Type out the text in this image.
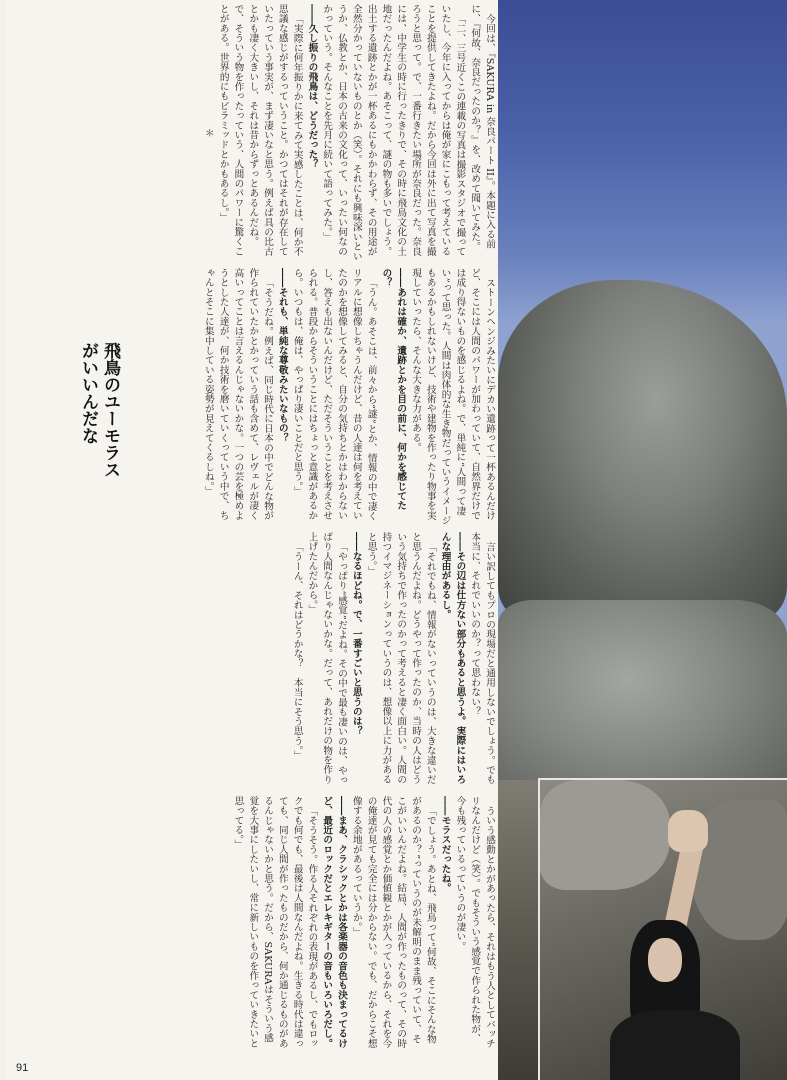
今回は、『SAKURA in 奈良パート II』。本題に入る前に、『何故、奈良だったのか？』を、改めて聞いてみた。

「二、三号近くこの連載の写真は撮影スタジオで撮っていたし、今年に入ってからは俺が家にこもって考えていることを提供してきたよね。だから今回は外に出て写真を撮ろうと思って。で、一番行きたい場所が奈良だった。奈良には、中学生の時に行ったきりで、その時に飛鳥文化の土地だったんだよね。あそこって、謎の物も多いでしょう。出土する遺跡とかが一杯あるにもかかわらず、その用途が全然分かっていないものとか（笑）。それにも興味深いというか、仏教とか、日本の古来の文化って、いったい何なのかっていう。そんなことを先月に続いて語ってみた。」

――久し振りの飛鳥は、どうだった？

「実際に何年振りかに来てみて実感したことは、何か不思議な感じがするっていうこと。かつてはそれが存在していたっていう事実が、まず凄いなと思う。例えば具の比古とかも凄く大きいし、それは昔からずっとあるんだね。で、そういう物を作ったっていう、人間のパワーに驚くことがある。世界的にもピラミッドとかもあるし。」

＊

ストーンヘンジみたいにデカい遺跡って一杯あるんだけど、そこには人間のパワーが加わっていて、自然界だけでは成り得ないものを感じるよね。で、単純に“人間って凄い”って思った。人間は肉体的な生き物だっていうイメージもあるかもしれないけど、技術や建物を作ったり物事を実現していったら、そんな大きな力がある。

――あれは確か、遺跡とかを目の前に、何かを感じてたの？

「うん。あそこは、前々から“謎”とか、情報の中で凄くリアルに想像しちゃうんだけど、昔の人達は何を考えていたのかを想像してみると、自分の気持ちとかはわからないし、答えも出ないんだけど、ただそういうことを考えさせられる。普段からそういうことにはちょっと意識があるから。いつもは、俺は、やっぱり凄いことだと思う。」

――それも、単純な尊敬みたいなもの？

「そうだね。例えば、同じ時代に日本の中でどんな物が作られていたかとかっていう話も含めて、レヴェルが凄く高いってことは言えるんじゃないかな。一つの芸を極めようとした人達が、何か技術を磨いていくっていう中で、ちゃんとそこに集中している姿勢が見えてくるしね。」

言い訳してもプロの現場だと通用しないでしょう。でも本当に、それでいいのか？って思わない？

――その辺は仕方ない部分もあると思うよ。実際にはいろんな理由があるし。

「それでもね、情報がないっていうのは、大きな違いだと思うんだよね。どうやって作ったのか、当時の人はどういう気持ちで作ったのかって考えると凄く面白い。人間の持つイマジネーションっていうのは、想像以上に力があると思う。」

――なるほどね。で、一番すごいと思うのは？

「やっぱり“感覚”だよね。その中で最も凄いのは、やっぱり人間なんじゃないかな。だって、あれだけの物を作り上げたんだから。」

「うーん、それはどうかな？　本当にそう思う。」

ういう感動とかがあったら、それはもう人としてバッチリなんだけど（笑）。でもそういう感覚で作られた物が、今も残っているっていうのが凄い。

――モラスだったね。

「でしょう。あとね、飛鳥って“何故、そこにそんな物があるのか？”っていうのが未解明のまま残っていて、そこがいいんだよね。結局、人間が作ったものって、その時代の人の感覚とか価値観とかが入っているから、それを今の俺達が見ても完全には分からない。でも、だからこそ想像する余地があるっていうか。」

――まあ、クラシックとかは各楽器の音色も決まってるけど、最近のロックだとエレキギターの音もいろいろだし。

「そうそう。作る人それぞれの表現があるし、でもロックでも何でも、最後は人間なんだよね。生きる時代は違っても、同じ人間が作ったものだから、何か通じるものがあるんじゃないかと思う。だから、SAKURAはそういう感覚を大事にしたいし、常に新しいものを作っていきたいと思ってる。」

飛鳥のユーモラスがいいんだな
91
